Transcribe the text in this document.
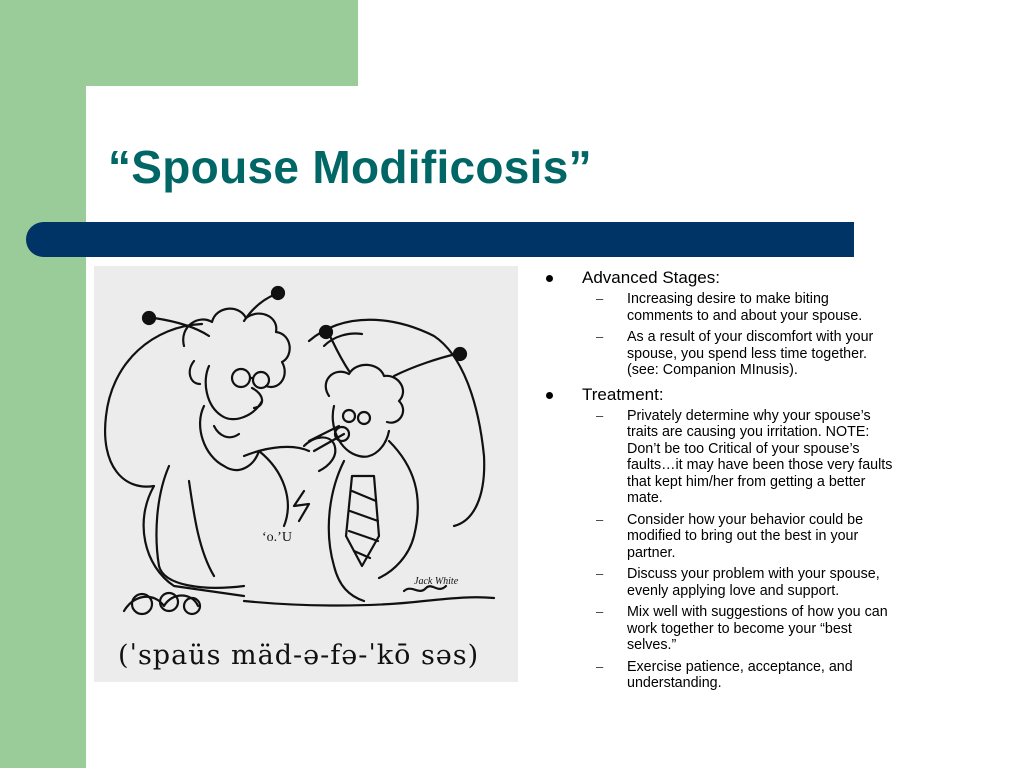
“Spouse Modificosis”
‘o.’U
Jack White
(ˈspaüs mäd-ə-fə-ˈkō səs)
Advanced Stages:
– Increasing desire to make biting
comments to and about your spouse.
– As a result of your discomfort with your
spouse, you spend less time together.
(see: Companion MInusis).
Treatment:
– Privately determine why your spouse’s
traits are causing you irritation. NOTE:
Don’t be too Critical of your spouse’s
faults…it may have been those very faults
that kept him/her from getting a better
mate.
– Consider how your behavior could be
modified to bring out the best in your
partner.
– Discuss your problem with your spouse,
evenly applying love and support.
– Mix well with suggestions of how you can
work together to become your “best
selves.”
– Exercise patience, acceptance, and
understanding.
